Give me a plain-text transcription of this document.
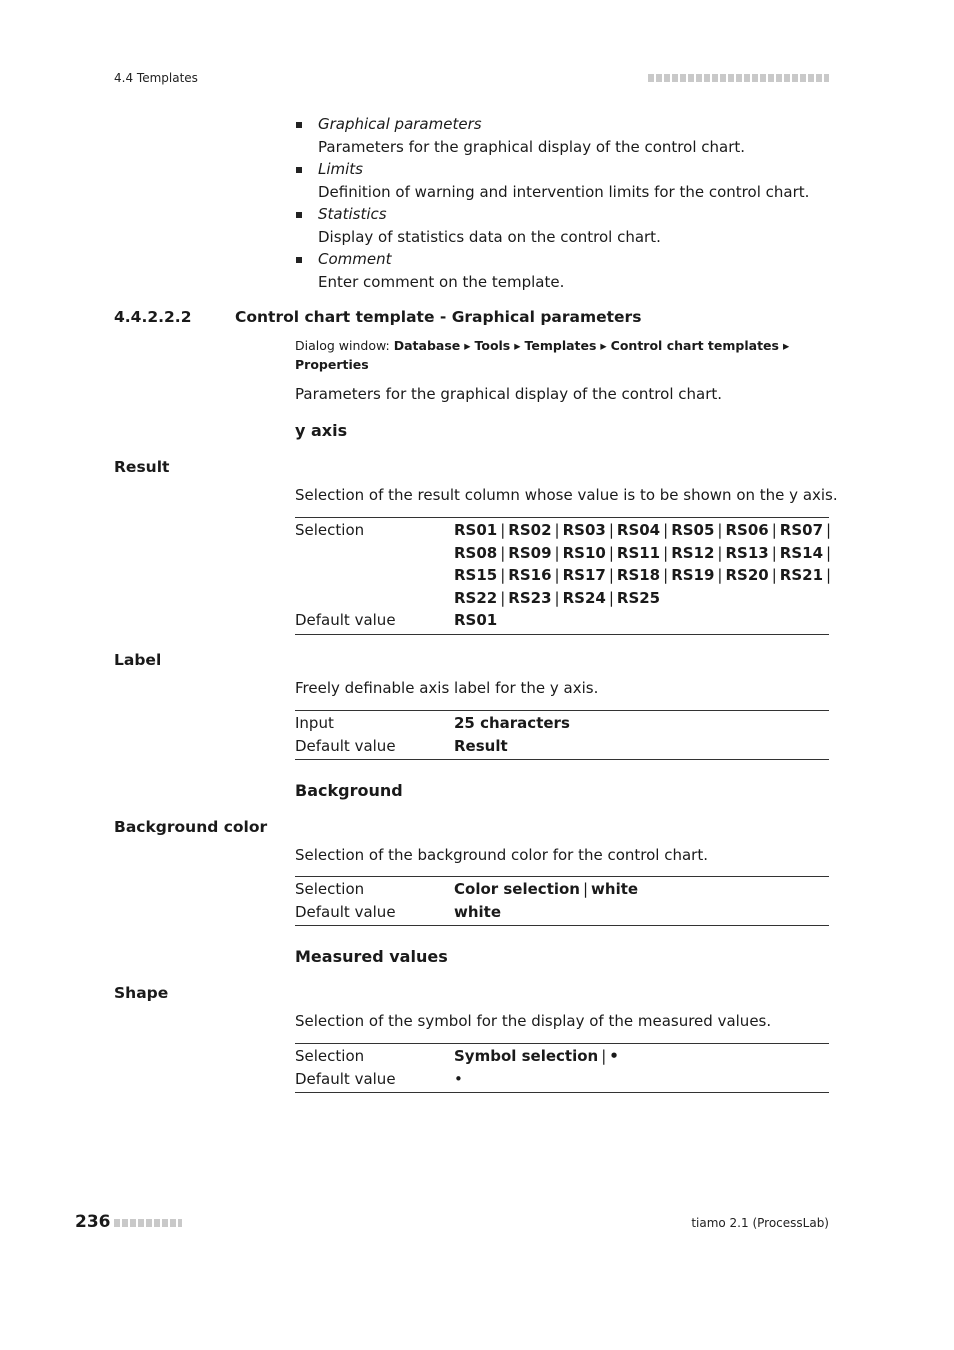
4.4 Templates
Graphical parameters
Parameters for the graphical display of the control chart.
Limits
Definition of warning and intervention limits for the control chart.
Statistics
Display of statistics data on the control chart.
Comment
Enter comment on the template.
4.4.2.2.2	Control chart template - Graphical parameters
Dialog window: Database ▸ Tools ▸ Templates ▸ Control chart templates ▸ Properties
Parameters for the graphical display of the control chart.
y axis
Result
Selection of the result column whose value is to be shown on the y axis.
Selection	RS01 | RS02 | RS03 | RS04 | RS05 | RS06 | RS07 |
RS08 | RS09 | RS10 | RS11 | RS12 | RS13 | RS14 |
RS15 | RS16 | RS17 | RS18 | RS19 | RS20 | RS21 |
RS22 | RS23 | RS24 | RS25
Default value	RS01
Label
Freely definable axis label for the y axis.
Input	25 characters
Default value	Result
Background
Background color
Selection of the background color for the control chart.
Selection	Color selection | white
Default value	white
Measured values
Shape
Selection of the symbol for the display of the measured values.
Selection	Symbol selection | •
Default value	•
236	tiamo 2.1 (ProcessLab)
